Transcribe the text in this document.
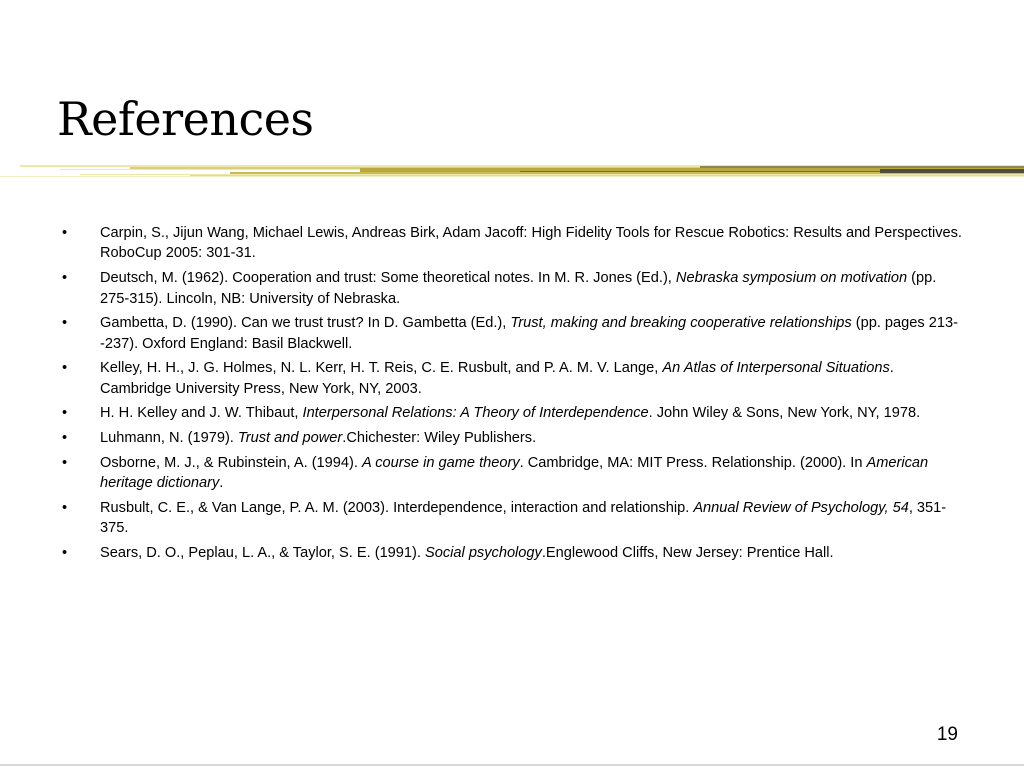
References
•	Carpin, S., Jijun Wang, Michael Lewis, Andreas Birk, Adam Jacoff: High Fidelity Tools for Rescue Robotics: Results and Perspectives. RoboCup 2005: 301-31.
•	Deutsch, M. (1962). Cooperation and trust: Some theoretical notes. In M. R. Jones (Ed.), Nebraska symposium on motivation (pp. 275-315). Lincoln, NB: University of Nebraska.
•	Gambetta, D. (1990). Can we trust trust? In D. Gambetta (Ed.), Trust, making and breaking cooperative relationships (pp. pages 213--237). Oxford England: Basil Blackwell.
•	Kelley, H. H., J. G. Holmes, N. L. Kerr, H. T. Reis, C. E. Rusbult, and P. A. M. V. Lange, An Atlas of Interpersonal Situations. Cambridge University Press, New York, NY, 2003.
•	H. H. Kelley and J. W. Thibaut, Interpersonal Relations: A Theory of Interdependence. John Wiley & Sons, New York, NY, 1978.
•	Luhmann, N. (1979). Trust and power.Chichester: Wiley Publishers.
•	Osborne, M. J., & Rubinstein, A. (1994). A course in game theory. Cambridge, MA: MIT Press. Relationship. (2000). In American heritage dictionary.
•	Rusbult, C. E., & Van Lange, P. A. M. (2003). Interdependence, interaction and relationship. Annual Review of Psychology, 54, 351-375.
•	Sears, D. O., Peplau, L. A., & Taylor, S. E. (1991). Social psychology.Englewood Cliffs, New Jersey: Prentice Hall.
19
